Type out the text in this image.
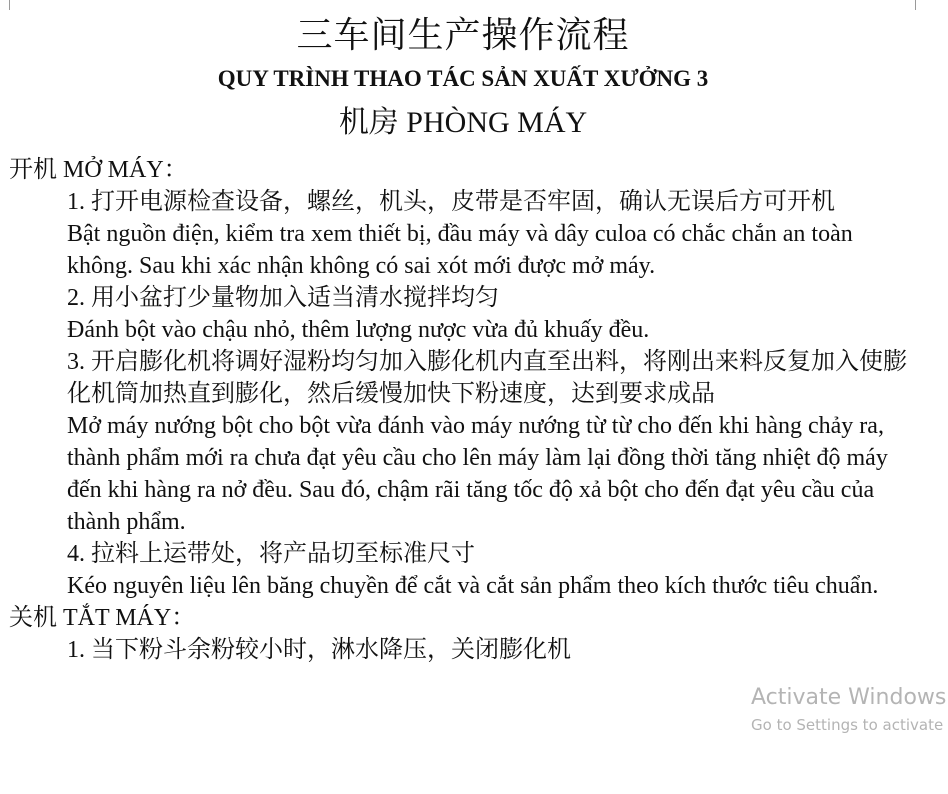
三车间生产操作流程
QUY TRÌNH THAO TÁC SẢN XUẤT XƯỞNG 3
机房 PHÒNG MÁY

开机 MỞ MÁY：

1. 打开电源检查设备，螺丝，机头，皮带是否牢固，确认无误后方可开机

Bật nguồn điện, kiểm tra xem thiết bị, đầu máy và dây culoa có chắc chắn an toàn không. Sau khi xác nhận không có sai xót mới được mở máy.

2. 用小盆打少量物加入适当清水搅拌均匀

Đánh bột vào chậu nhỏ, thêm lượng nược vừa đủ khuấy đều.

3. 开启膨化机将调好湿粉均匀加入膨化机内直至出料，将刚出来料反复加入使膨化机筒加热直到膨化，然后缓慢加快下粉速度，达到要求成品

Mở máy nướng bột cho bột vừa đánh vào máy nướng từ từ cho đến khi hàng chảy ra, thành phẩm mới ra chưa đạt yêu cầu cho lên máy làm lại đồng thời tăng nhiệt độ máy đến khi hàng ra nở đều. Sau đó, chậm rãi tăng tốc độ xả bột cho đến đạt yêu cầu của thành phẩm.

4. 拉料上运带处，将产品切至标准尺寸

Kéo nguyên liệu lên băng chuyền để cắt và cắt sản phẩm theo kích thước tiêu chuẩn.

关机 TẮT MÁY：

1. 当下粉斗余粉较小时，淋水降压，关闭膨化机

Activate Windows
Go to Settings to activate
